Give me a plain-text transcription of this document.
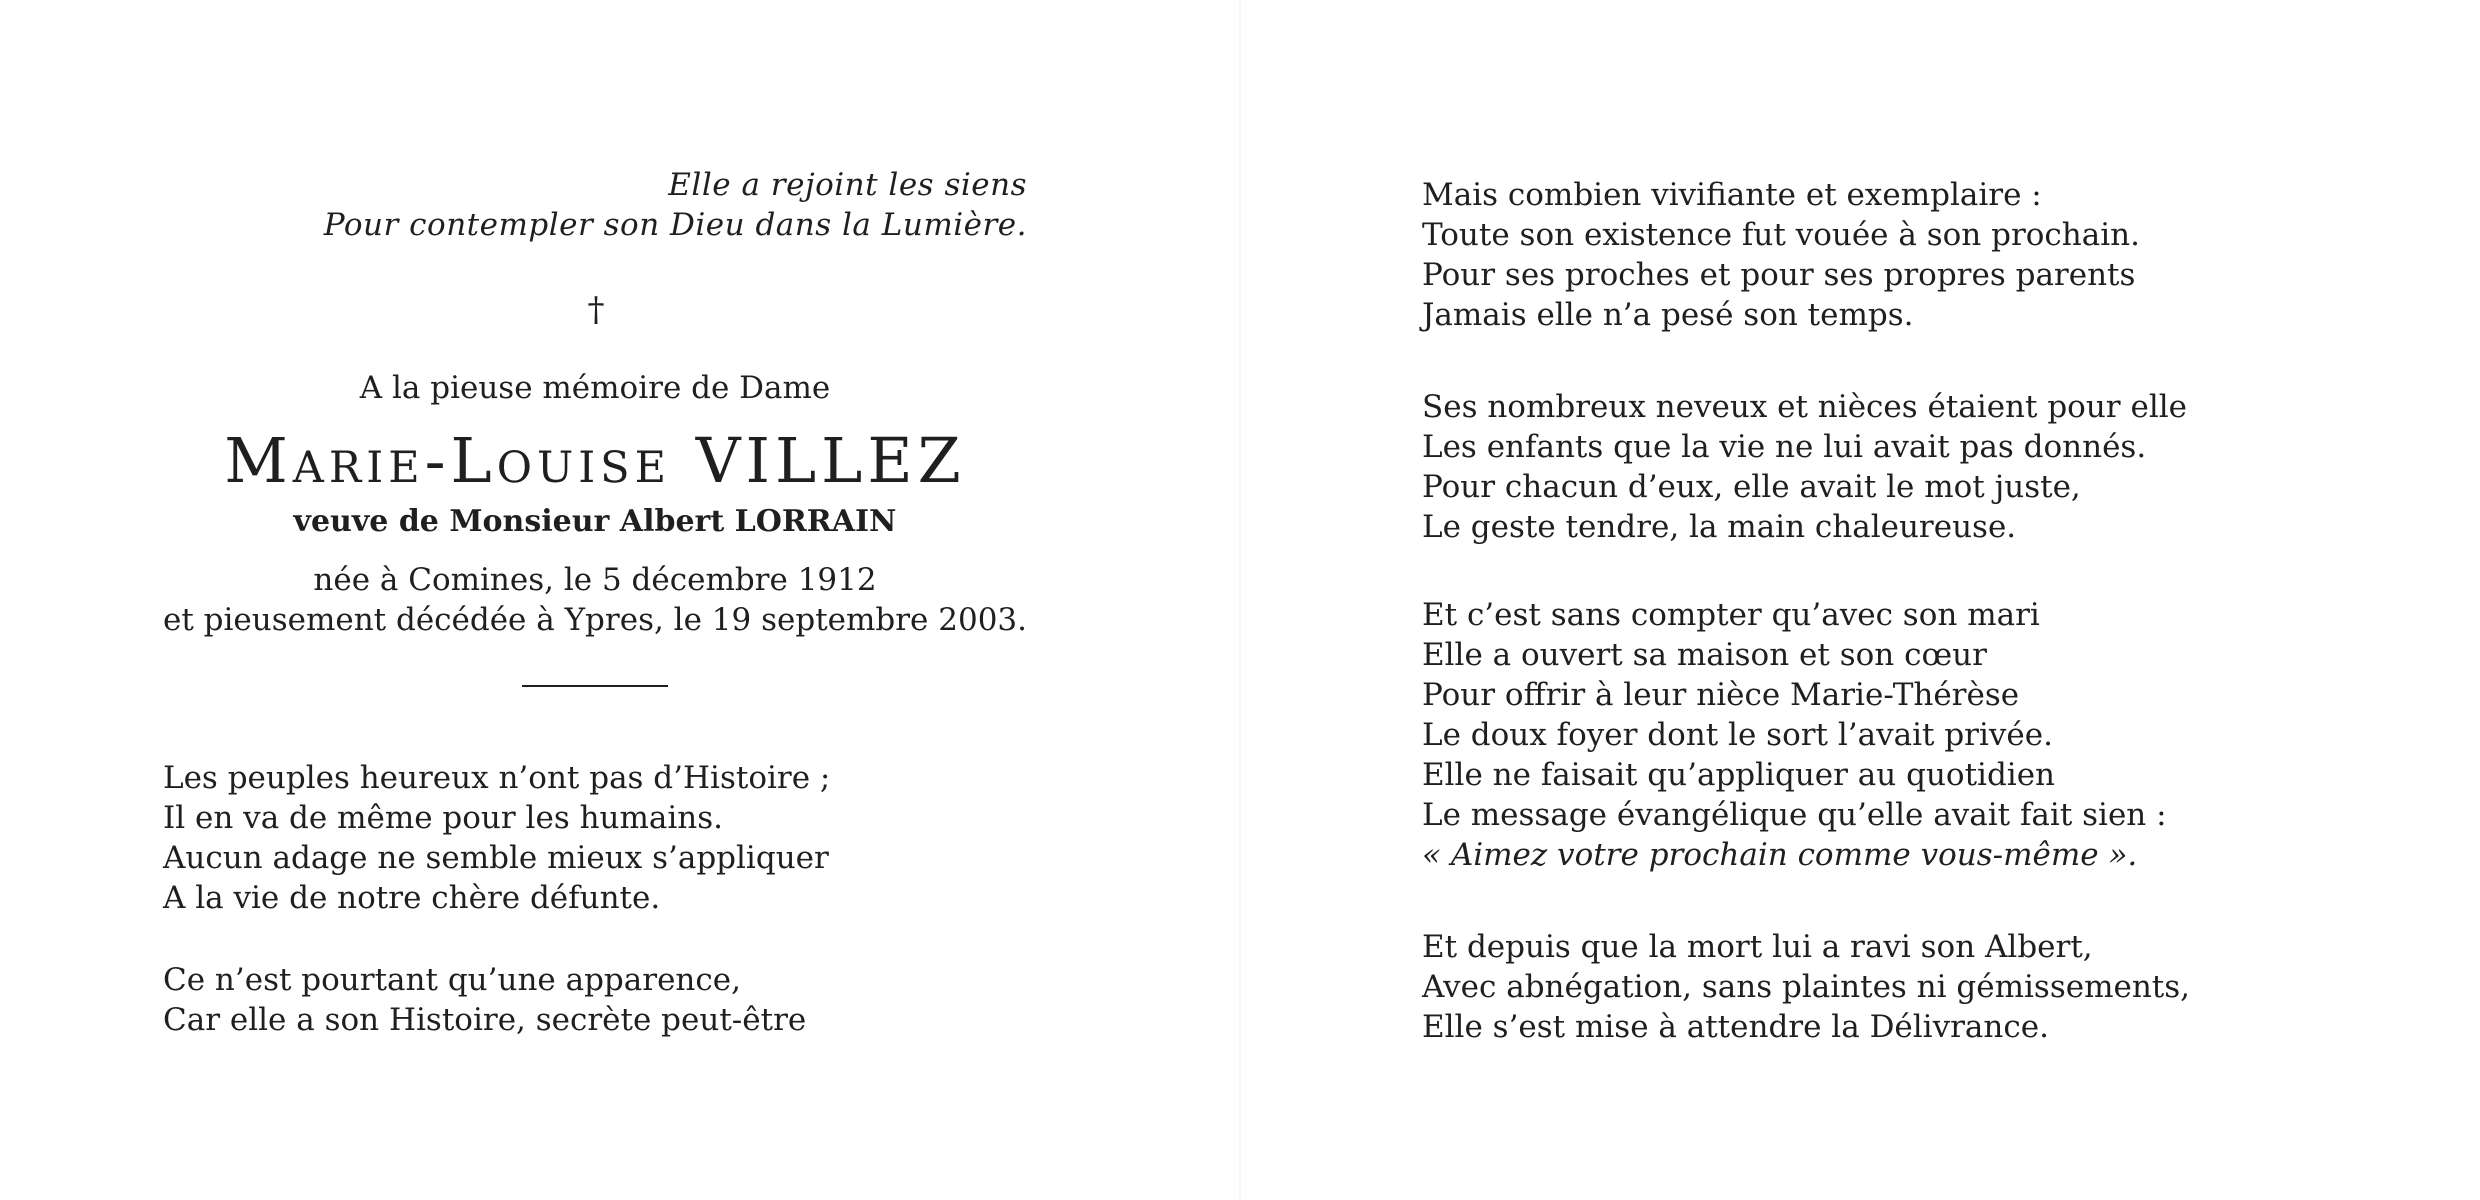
Elle a rejoint les siens
Pour contempler son Dieu dans la Lumière.
†
A la pieuse mémoire de Dame
Marie-Louise VILLEZ
veuve de Monsieur Albert LORRAIN
née à Comines, le 5 décembre 1912
et pieusement décédée à Ypres, le 19 septembre 2003.
Les peuples heureux n’ont pas d’Histoire ;
Il en va de même pour les humains.
Aucun adage ne semble mieux s’appliquer
A la vie de notre chère défunte.
Ce n’est pourtant qu’une apparence,
Car elle a son Histoire, secrète peut-être
Mais combien vivifiante et exemplaire :
Toute son existence fut vouée à son prochain.
Pour ses proches et pour ses propres parents
Jamais elle n’a pesé son temps.
Ses nombreux neveux et nièces étaient pour elle
Les enfants que la vie ne lui avait pas donnés.
Pour chacun d’eux, elle avait le mot juste,
Le geste tendre, la main chaleureuse.
Et c’est sans compter qu’avec son mari
Elle a ouvert sa maison et son cœur
Pour offrir à leur nièce Marie-Thérèse
Le doux foyer dont le sort l’avait privée.
Elle ne faisait qu’appliquer au quotidien
Le message évangélique qu’elle avait fait sien :
« Aimez votre prochain comme vous-même ».
Et depuis que la mort lui a ravi son Albert,
Avec abnégation, sans plaintes ni gémissements,
Elle s’est mise à attendre la Délivrance.
